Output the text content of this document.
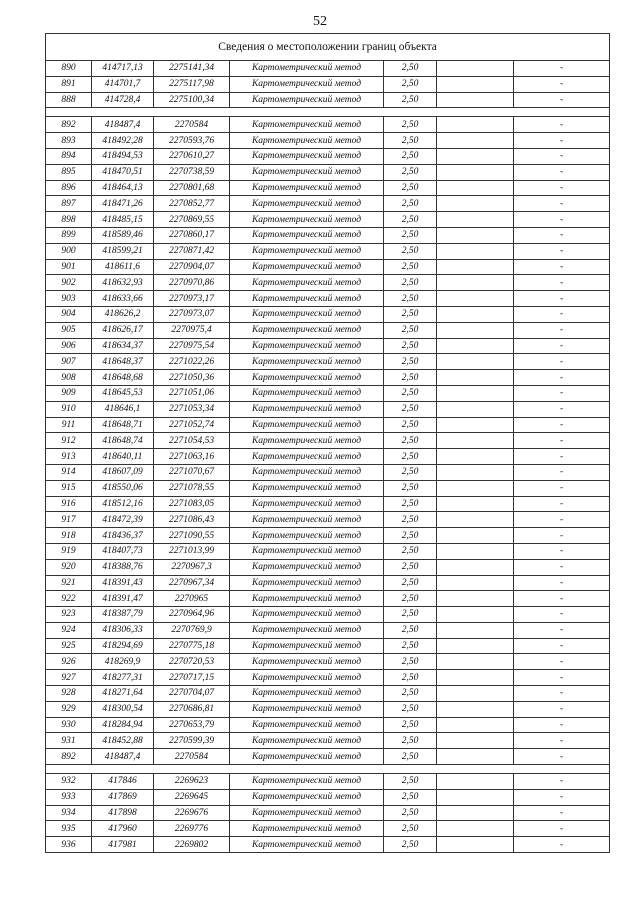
52
Сведения о местоположении границ объекта						
890	414717,13	2275141,34	Картометрический метод	2,50		-
891	414701,7	2275117,98	Картометрический метод	2,50		-
888	414728,4	2275100,34	Картометрический метод	2,50		-

892	418487,4	2270584	Картометрический метод	2,50		-
893	418492,28	2270593,76	Картометрический метод	2,50		-
894	418494,53	2270610,27	Картометрический метод	2,50		-
895	418470,51	2270738,59	Картометрический метод	2,50		-
896	418464,13	2270801,68	Картометрический метод	2,50		-
897	418471,26	2270852,77	Картометрический метод	2,50		-
898	418485,15	2270869,55	Картометрический метод	2,50		-
899	418589,46	2270860,17	Картометрический метод	2,50		-
900	418599,21	2270871,42	Картометрический метод	2,50		-
901	418611,6	2270904,07	Картометрический метод	2,50		-
902	418632,93	2270970,86	Картометрический метод	2,50		-
903	418633,66	2270973,17	Картометрический метод	2,50		-
904	418626,2	2270973,07	Картометрический метод	2,50		-
905	418626,17	2270975,4	Картометрический метод	2,50		-
906	418634,37	2270975,54	Картометрический метод	2,50		-
907	418648,37	2271022,26	Картометрический метод	2,50		-
908	418648,68	2271050,36	Картометрический метод	2,50		-
909	418645,53	2271051,06	Картометрический метод	2,50		-
910	418646,1	2271053,34	Картометрический метод	2,50		-
911	418648,71	2271052,74	Картометрический метод	2,50		-
912	418648,74	2271054,53	Картометрический метод	2,50		-
913	418640,11	2271063,16	Картометрический метод	2,50		-
914	418607,09	2271070,67	Картометрический метод	2,50		-
915	418550,06	2271078,55	Картометрический метод	2,50		-
916	418512,16	2271083,05	Картометрический метод	2,50		-
917	418472,39	2271086,43	Картометрический метод	2,50		-
918	418436,37	2271090,55	Картометрический метод	2,50		-
919	418407,73	2271013,99	Картометрический метод	2,50		-
920	418388,76	2270967,3	Картометрический метод	2,50		-
921	418391,43	2270967,34	Картометрический метод	2,50		-
922	418391,47	2270965	Картометрический метод	2,50		-
923	418387,79	2270964,96	Картометрический метод	2,50		-
924	418306,33	2270769,9	Картометрический метод	2,50		-
925	418294,69	2270775,18	Картометрический метод	2,50		-
926	418269,9	2270720,53	Картометрический метод	2,50		-
927	418277,31	2270717,15	Картометрический метод	2,50		-
928	418271,64	2270704,07	Картометрический метод	2,50		-
929	418300,54	2270686,81	Картометрический метод	2,50		-
930	418284,94	2270653,79	Картометрический метод	2,50		-
931	418452,88	2270599,39	Картометрический метод	2,50		-
892	418487,4	2270584	Картометрический метод	2,50		-

932	417846	2269623	Картометрический метод	2,50		-
933	417869	2269645	Картометрический метод	2,50		-
934	417898	2269676	Картометрический метод	2,50		-
935	417960	2269776	Картометрический метод	2,50		-
936	417981	2269802	Картометрический метод	2,50		-
